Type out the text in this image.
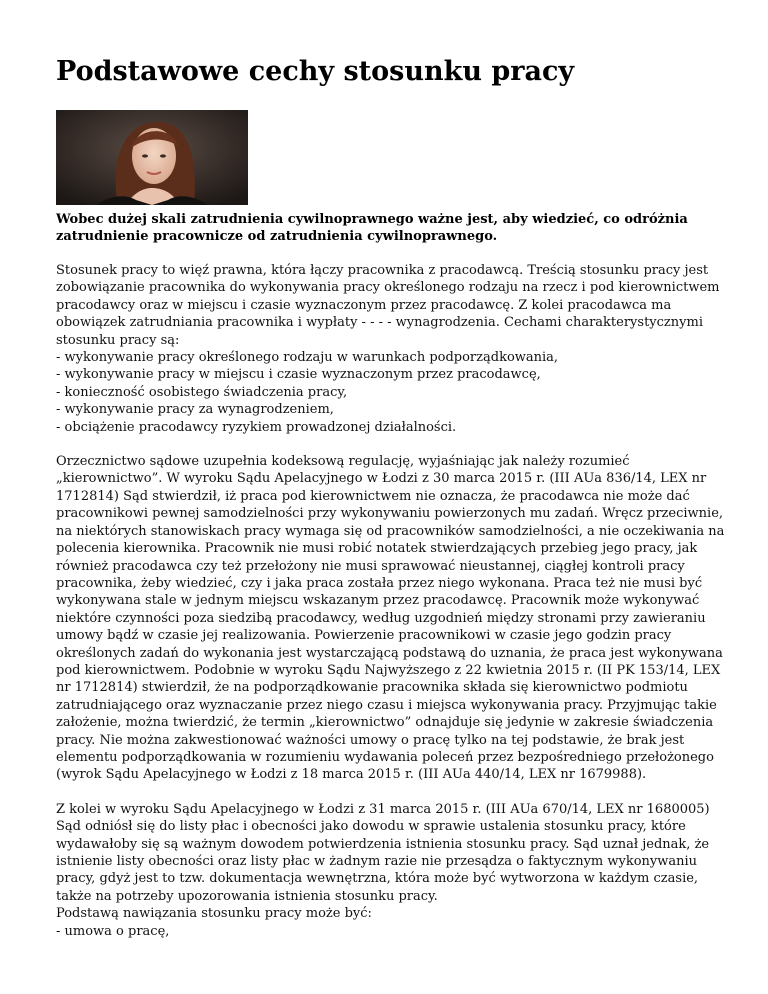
Podstawowe cechy stosunku pracy
Wobec dużej skali zatrudnienia cywilnoprawnego ważne jest, aby wiedzieć, co odróżnia
zatrudnienie pracownicze od zatrudnienia cywilnoprawnego.

Stosunek pracy to więź prawna, która łączy pracownika z pracodawcą. Treścią stosunku pracy jest
zobowiązanie pracownika do wykonywania pracy określonego rodzaju na rzecz i pod kierownictwem
pracodawcy oraz w miejscu i czasie wyznaczonym przez pracodawcę. Z kolei pracodawca ma
obowiązek zatrudniania pracownika i wypłaty - - - - wynagrodzenia. Cechami charakterystycznymi
stosunku pracy są:
- wykonywanie pracy określonego rodzaju w warunkach podporządkowania,
- wykonywanie pracy w miejscu i czasie wyznaczonym przez pracodawcę,
- konieczność osobistego świadczenia pracy,
- wykonywanie pracy za wynagrodzeniem,
- obciążenie pracodawcy ryzykiem prowadzonej działalności.

Orzecznictwo sądowe uzupełnia kodeksową regulację, wyjaśniając jak należy rozumieć
„kierownictwo”. W wyroku Sądu Apelacyjnego w Łodzi z 30 marca 2015 r. (III AUa 836/14, LEX nr
1712814) Sąd stwierdził, iż praca pod kierownictwem nie oznacza, że pracodawca nie może dać
pracownikowi pewnej samodzielności przy wykonywaniu powierzonych mu zadań. Wręcz przeciwnie,
na niektórych stanowiskach pracy wymaga się od pracowników samodzielności, a nie oczekiwania na
polecenia kierownika. Pracownik nie musi robić notatek stwierdzających przebieg jego pracy, jak
również pracodawca czy też przełożony nie musi sprawować nieustannej, ciągłej kontroli pracy
pracownika, żeby wiedzieć, czy i jaka praca została przez niego wykonana. Praca też nie musi być
wykonywana stale w jednym miejscu wskazanym przez pracodawcę. Pracownik może wykonywać
niektóre czynności poza siedzibą pracodawcy, według uzgodnień między stronami przy zawieraniu
umowy bądź w czasie jej realizowania. Powierzenie pracownikowi w czasie jego godzin pracy
określonych zadań do wykonania jest wystarczającą podstawą do uznania, że praca jest wykonywana
pod kierownictwem. Podobnie w wyroku Sądu Najwyższego z 22 kwietnia 2015 r. (II PK 153/14, LEX
nr 1712814) stwierdził, że na podporządkowanie pracownika składa się kierownictwo podmiotu
zatrudniającego oraz wyznaczanie przez niego czasu i miejsca wykonywania pracy. Przyjmując takie
założenie, można twierdzić, że termin „kierownictwo” odnajduje się jedynie w zakresie świadczenia
pracy. Nie można zakwestionować ważności umowy o pracę tylko na tej podstawie, że brak jest
elementu podporządkowania w rozumieniu wydawania poleceń przez bezpośredniego przełożonego
(wyrok Sądu Apelacyjnego w Łodzi z 18 marca 2015 r. (III AUa 440/14, LEX nr 1679988).

Z kolei w wyroku Sądu Apelacyjnego w Łodzi z 31 marca 2015 r. (III AUa 670/14, LEX nr 1680005)
Sąd odniósł się do listy płac i obecności jako dowodu w sprawie ustalenia stosunku pracy, które
wydawałoby się są ważnym dowodem potwierdzenia istnienia stosunku pracy. Sąd uznał jednak, że
istnienie listy obecności oraz listy płac w żadnym razie nie przesądza o faktycznym wykonywaniu
pracy, gdyż jest to tzw. dokumentacja wewnętrzna, która może być wytworzona w każdym czasie,
także na potrzeby upozorowania istnienia stosunku pracy.
Podstawą nawiązania stosunku pracy może być:
- umowa o pracę,
